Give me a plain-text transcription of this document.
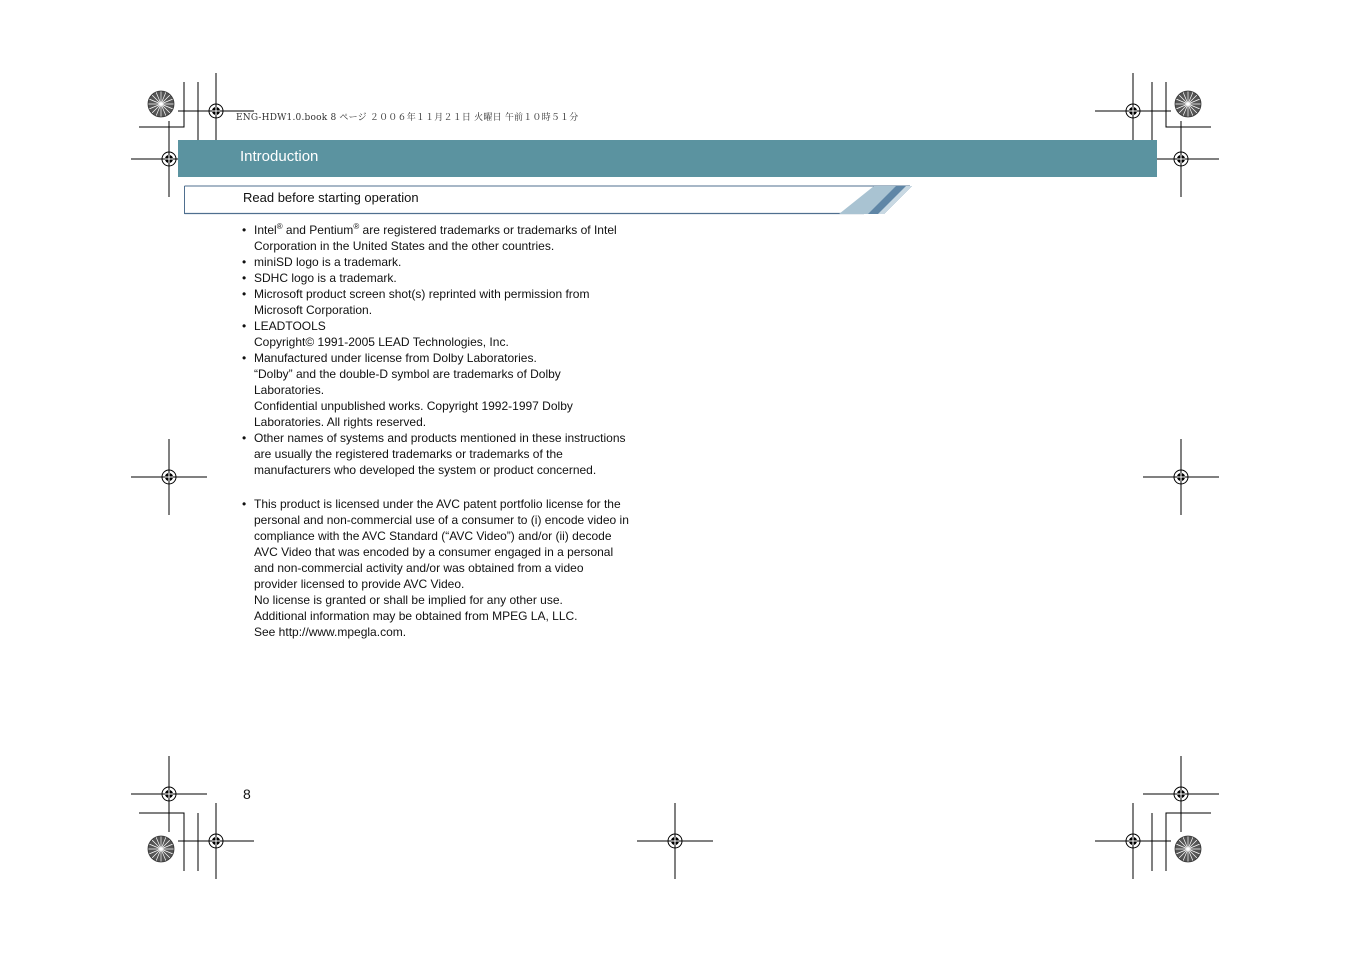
ENG-HDW1.0.book 8 ページ ２００６年１１月２１日 火曜日 午前１０時５１分
Introduction
Read before starting operation
• Intel® and Pentium® are registered trademarks or trademarks of Intel
Corporation in the United States and the other countries.
• miniSD logo is a trademark.
• SDHC logo is a trademark.
• Microsoft product screen shot(s) reprinted with permission from
Microsoft Corporation.
• LEADTOOLS
Copyright© 1991-2005 LEAD Technologies, Inc.
• Manufactured under license from Dolby Laboratories.
“Dolby” and the double-D symbol are trademarks of Dolby
Laboratories.
Confidential unpublished works. Copyright 1992-1997 Dolby
Laboratories. All rights reserved.
• Other names of systems and products mentioned in these instructions
are usually the registered trademarks or trademarks of the
manufacturers who developed the system or product concerned.
• This product is licensed under the AVC patent portfolio license for the
personal and non-commercial use of a consumer to (i) encode video in
compliance with the AVC Standard (“AVC Video”) and/or (ii) decode
AVC Video that was encoded by a consumer engaged in a personal
and non-commercial activity and/or was obtained from a video
provider licensed to provide AVC Video.
No license is granted or shall be implied for any other use.
Additional information may be obtained from MPEG LA, LLC.
See http://www.mpegla.com.
8
